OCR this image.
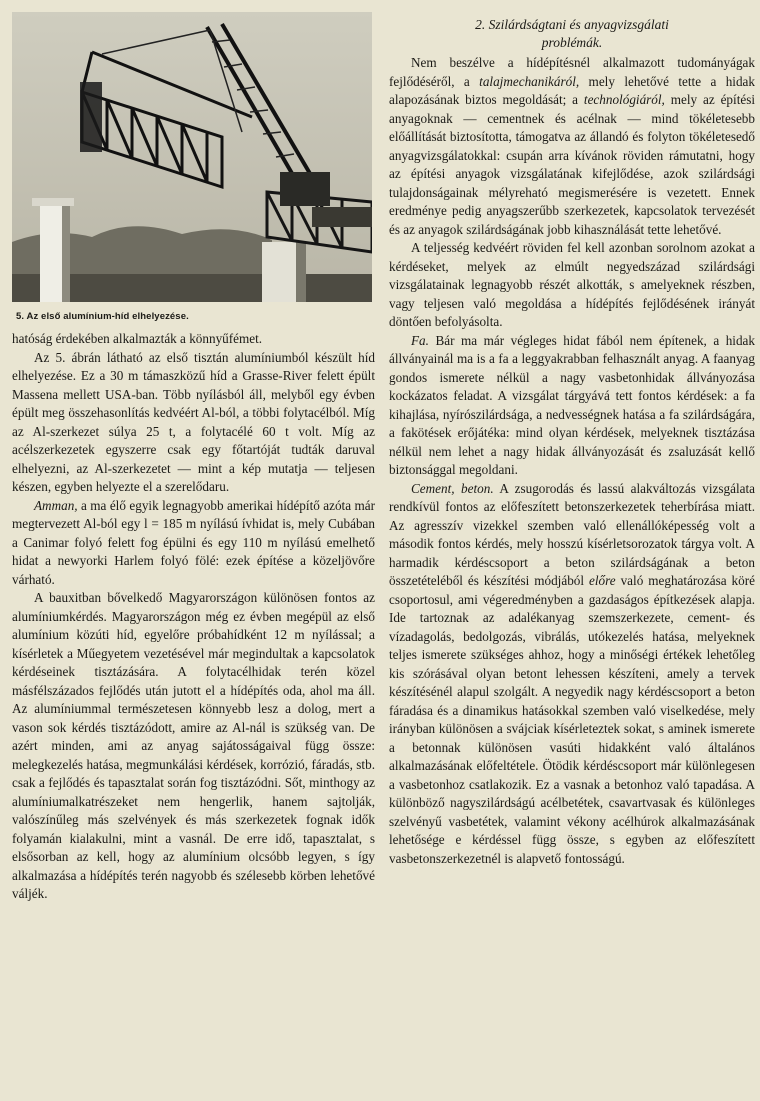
5. Az első alumínium-híd elhelyezése.

hatóság érdekében alkalmazták a könnyűfémet.

Az 5. ábrán látható az első tisztán alumíniumból készült híd elhelyezése. Ez a 30 m támaszközű híd a Grasse-River felett épült Massena mellett USA-ban. Több nyílásból áll, melyből egy évben épült meg összehasonlítás kedvéért Al-ból, a többi folytacélból. Míg az Al-szerkezet súlya 25 t, a folytacélé 60 t volt. Míg az acélszerkezetek egyszerre csak egy főtartóját tudták daruval elhelyezni, az Al-szerkezetet — mint a kép mutatja — teljesen készen, egyben helyezte el a szerelődaru.

Amman, a ma élő egyik legnagyobb amerikai hídépítő azóta már megtervezett Al-ból egy l = 185 m nyílású ívhidat is, mely Cubában a Canimar folyó felett fog épülni és egy 110 m nyílású emelhető hidat a newyorki Harlem folyó fölé: ezek építése a közeljövőre várható.

A bauxitban bővelkedő Magyarországon különösen fontos az alumíniumkérdés. Magyarországon még ez évben megépül az első alumínium közúti híd, egyelőre próbahídként 12 m nyílással; a kísérletek a Műegyetem vezetésével már megindultak a kapcsolatok kérdéseinek tisztázására. A folytacélhidak terén közel másfélszázados fejlődés után jutott el a hídépítés oda, ahol ma áll. Az alumíniummal természetesen könnyebb lesz a dolog, mert a vason sok kérdés tisztázódott, amire az Al-nál is szükség van. De azért minden, ami az anyag sajátosságaival függ össze: melegkezelés hatása, megmunkálási kérdések, korrózió, fáradás, stb. csak a fejlődés és tapasztalat során fog tisztázódni. Sőt, minthogy az alumíniumalkatrészeket nem hengerlik, hanem sajtolják, valószínűleg más szelvények és más szerkezetek fognak idők folyamán kialakulni, mint a vasnál. De erre idő, tapasztalat, s elsősorban az kell, hogy az alumínium olcsóbb legyen, s így alkalmazása a hídépítés terén nagyobb és szélesebb körben lehetővé váljék.

2. Szilárdságtani és anyagvizsgálati
problémák.

Nem beszélve a hídépítésnél alkalmazott tudományágak fejlődéséről, a talajmechanikáról, mely lehetővé tette a hidak alapozásának biztos megoldását; a technológiáról, mely az építési anyagoknak — cementnek és acélnak — mind tökéletesebb előállítását biztosította, támogatva az állandó és folyton tökéletesedő anyagvizsgálatokkal: csupán arra kívánok röviden rámutatni, hogy az építési anyagok vizsgálatának kifejlődése, azok szilárdsági tulajdonságainak mélyreható megismerésére is vezetett. Ennek eredménye pedig anyagszerűbb szerkezetek, kapcsolatok tervezését és az anyagok szilárdságának jobb kihasználását tette lehetővé.

A teljesség kedvéért röviden fel kell azonban sorolnom azokat a kérdéseket, melyek az elmúlt negyedszázad szilárdsági vizsgálatainak legnagyobb részét alkották, s amelyeknek részben, vagy teljesen való megoldása a hídépítés fejlődésének irányát döntően befolyásolta.

Fa. Bár ma már végleges hidat fából nem építenek, a hidak állványainál ma is a fa a leggyakrabban felhasznált anyag. A faanyag gondos ismerete nélkül a nagy vasbetonhidak állványozása kockázatos feladat. A vizsgálat tárgyává tett fontos kérdések: a fa kihajlása, nyírószilárdsága, a nedvességnek hatása a fa szilárdságára, a fakötések erőjátéka: mind olyan kérdések, melyeknek tisztázása nélkül nem lehet a nagy hidak állványozását és zsaluzását kellő biztonsággal megoldani.

Cement, beton. A zsugorodás és lassú alakváltozás vizsgálata rendkívül fontos az előfeszített betonszerkezetek teherbírása miatt. Az agresszív vizekkel szemben való ellenállóképesség volt a második fontos kérdés, mely hosszú kísérletsorozatok tárgya volt. A harmadik kérdéscsoport a beton szilárdságának a beton összetételéből és készítési módjából előre való meghatározása köré csoportosul, ami végeredményben a gazdaságos építkezések alapja. Ide tartoznak az adalékanyag szemszerkezete, cement- és vízadagolás, bedolgozás, vibrálás, utókezelés hatása, melyeknek teljes ismerete szükséges ahhoz, hogy a minőségi értékek lehetőleg kis szórásával olyan betont lehessen készíteni, amely a tervek készítésénél alapul szolgált. A negyedik nagy kérdéscsoport a beton fáradása és a dinamikus hatásokkal szemben való viselkedése, mely irányban különösen a svájciak kísérleteztek sokat, s aminek ismerete a betonnak különösen vasúti hidakként való általános alkalmazásának előfeltétele. Ötödik kérdéscsoport már különlegesen a vasbetonhoz csatlakozik. Ez a vasnak a betonhoz való tapadása. A különböző nagyszilárdságú acélbetétek, csavartvasak és különleges szelvényű vasbetétek, valamint vékony acélhúrok alkalmazásának lehetősége e kérdéssel függ össze, s egyben az előfeszített vasbetonszerkezetnél is alapvető fontosságú.
